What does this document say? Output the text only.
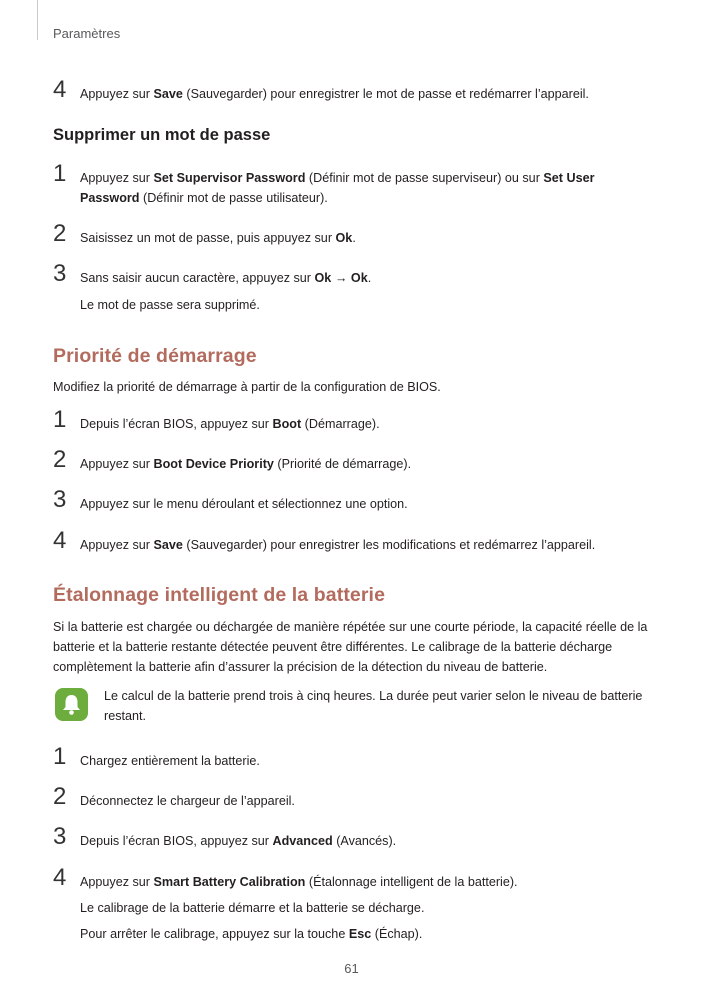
Paramètres
4 Appuyez sur Save (Sauvegarder) pour enregistrer le mot de passe et redémarrer l’appareil.
Supprimer un mot de passe
1 Appuyez sur Set Supervisor Password (Définir mot de passe superviseur) ou sur Set User Password (Définir mot de passe utilisateur).
2 Saisissez un mot de passe, puis appuyez sur Ok.
3 Sans saisir aucun caractère, appuyez sur Ok → Ok.
Le mot de passe sera supprimé.
Priorité de démarrage
Modifiez la priorité de démarrage à partir de la configuration de BIOS.
1 Depuis l’écran BIOS, appuyez sur Boot (Démarrage).
2 Appuyez sur Boot Device Priority (Priorité de démarrage).
3 Appuyez sur le menu déroulant et sélectionnez une option.
4 Appuyez sur Save (Sauvegarder) pour enregistrer les modifications et redémarrez l’appareil.
Étalonnage intelligent de la batterie
Si la batterie est chargée ou déchargée de manière répétée sur une courte période, la capacité réelle de la batterie et la batterie restante détectée peuvent être différentes. Le calibrage de la batterie décharge complètement la batterie afin d’assurer la précision de la détection du niveau de batterie.
Le calcul de la batterie prend trois à cinq heures. La durée peut varier selon le niveau de batterie restant.
1 Chargez entièrement la batterie.
2 Déconnectez le chargeur de l’appareil.
3 Depuis l’écran BIOS, appuyez sur Advanced (Avancés).
4 Appuyez sur Smart Battery Calibration (Étalonnage intelligent de la batterie).
Le calibrage de la batterie démarre et la batterie se décharge.
Pour arrêter le calibrage, appuyez sur la touche Esc (Échap).
61
